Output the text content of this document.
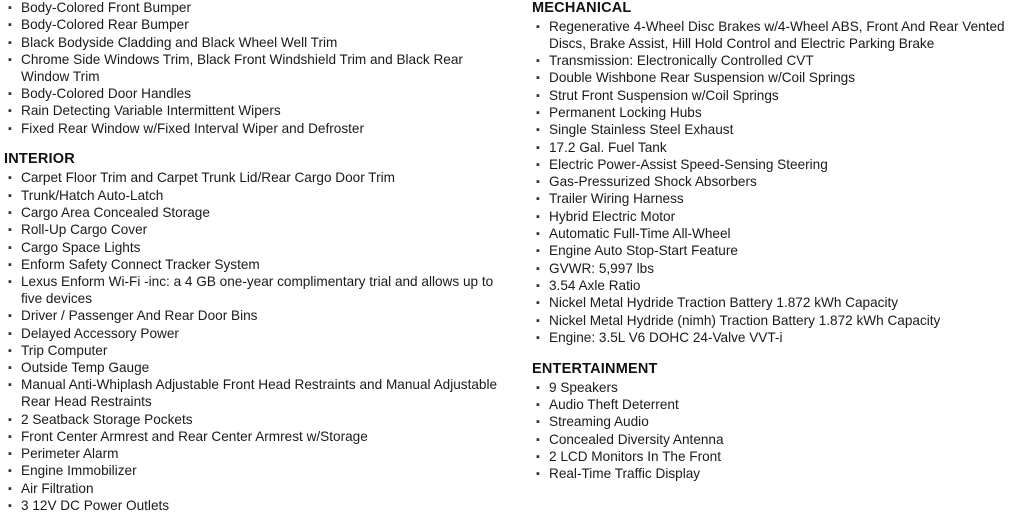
▪ Body-Colored Front Bumper
▪ Body-Colored Rear Bumper
▪ Black Bodyside Cladding and Black Wheel Well Trim
▪ Chrome Side Windows Trim, Black Front Windshield Trim and Black Rear Window Trim
▪ Body-Colored Door Handles
▪ Rain Detecting Variable Intermittent Wipers
▪ Fixed Rear Window w/Fixed Interval Wiper and Defroster
INTERIOR
▪ Carpet Floor Trim and Carpet Trunk Lid/Rear Cargo Door Trim
▪ Trunk/Hatch Auto-Latch
▪ Cargo Area Concealed Storage
▪ Roll-Up Cargo Cover
▪ Cargo Space Lights
▪ Enform Safety Connect Tracker System
▪ Lexus Enform Wi-Fi -inc: a 4 GB one-year complimentary trial and allows up to five devices
▪ Driver / Passenger And Rear Door Bins
▪ Delayed Accessory Power
▪ Trip Computer
▪ Outside Temp Gauge
▪ Manual Anti-Whiplash Adjustable Front Head Restraints and Manual Adjustable Rear Head Restraints
▪ 2 Seatback Storage Pockets
▪ Front Center Armrest and Rear Center Armrest w/Storage
▪ Perimeter Alarm
▪ Engine Immobilizer
▪ Air Filtration
▪ 3 12V DC Power Outlets
MECHANICAL
▪ Regenerative 4-Wheel Disc Brakes w/4-Wheel ABS, Front And Rear Vented Discs, Brake Assist, Hill Hold Control and Electric Parking Brake
▪ Transmission: Electronically Controlled CVT
▪ Double Wishbone Rear Suspension w/Coil Springs
▪ Strut Front Suspension w/Coil Springs
▪ Permanent Locking Hubs
▪ Single Stainless Steel Exhaust
▪ 17.2 Gal. Fuel Tank
▪ Electric Power-Assist Speed-Sensing Steering
▪ Gas-Pressurized Shock Absorbers
▪ Trailer Wiring Harness
▪ Hybrid Electric Motor
▪ Automatic Full-Time All-Wheel
▪ Engine Auto Stop-Start Feature
▪ GVWR: 5,997 lbs
▪ 3.54 Axle Ratio
▪ Nickel Metal Hydride Traction Battery 1.872 kWh Capacity
▪ Nickel Metal Hydride (nimh) Traction Battery 1.872 kWh Capacity
▪ Engine: 3.5L V6 DOHC 24-Valve VVT-i
ENTERTAINMENT
▪ 9 Speakers
▪ Audio Theft Deterrent
▪ Streaming Audio
▪ Concealed Diversity Antenna
▪ 2 LCD Monitors In The Front
▪ Real-Time Traffic Display
